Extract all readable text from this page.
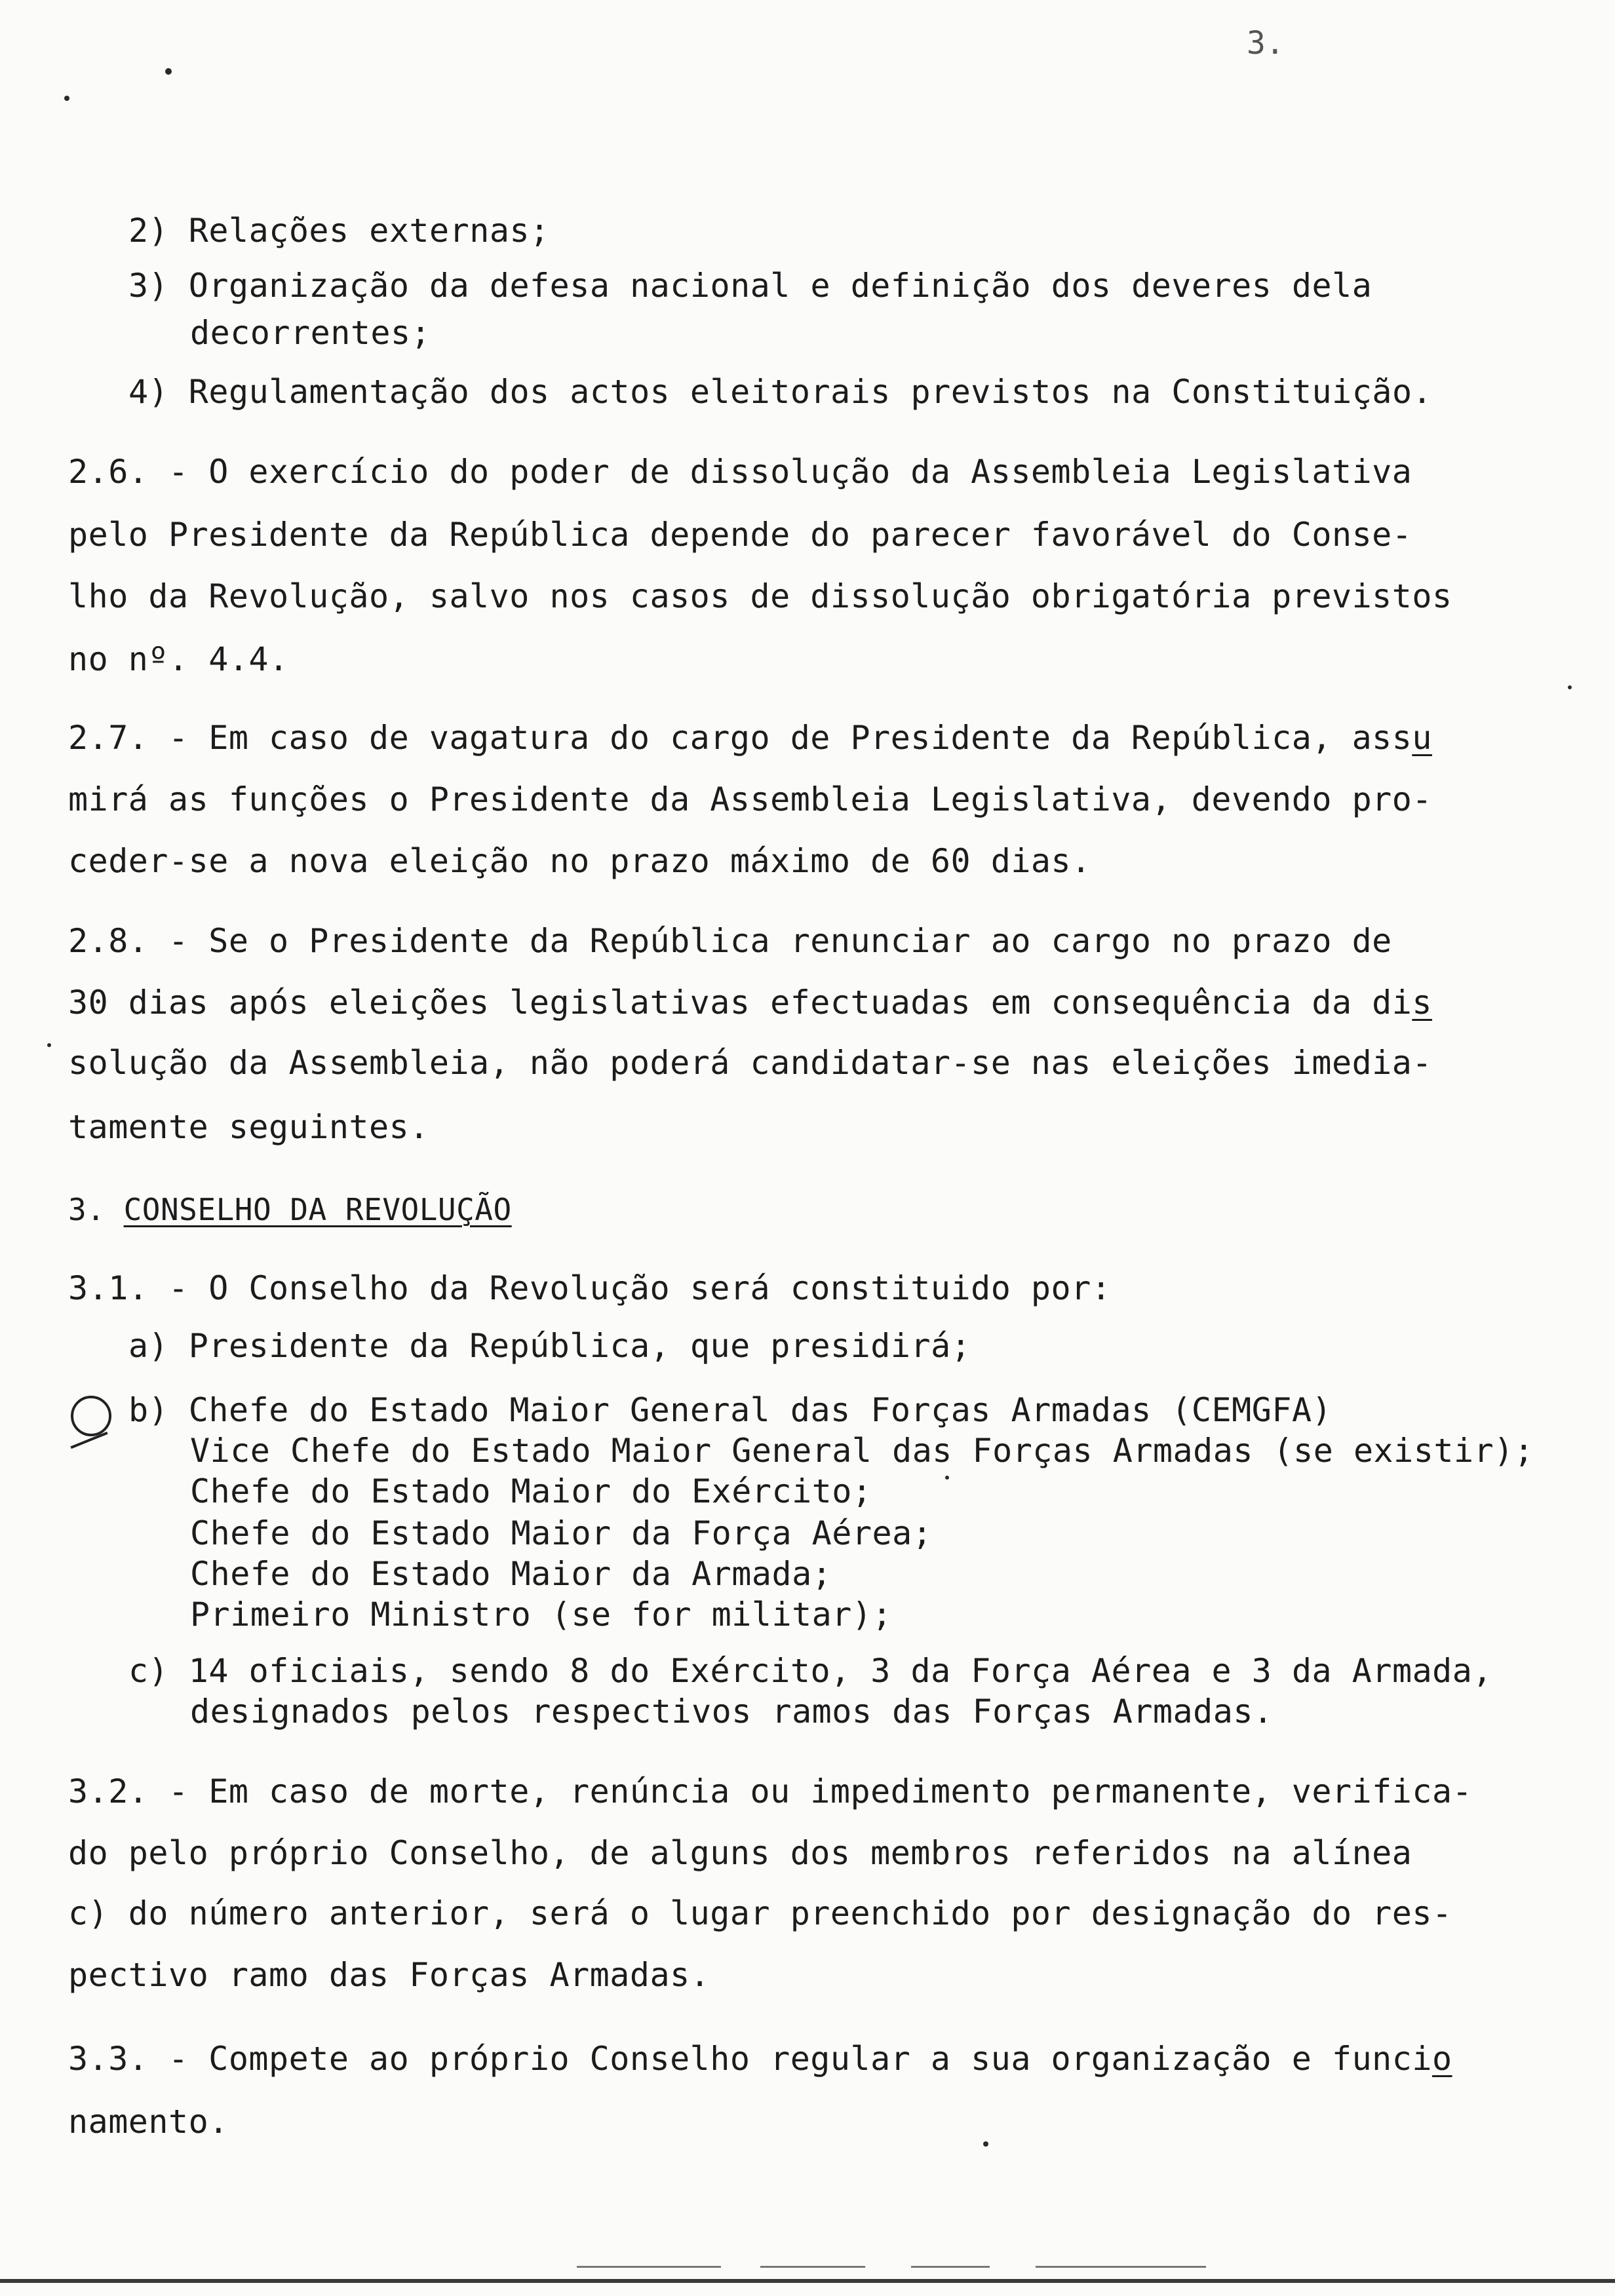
3.
2) Relações externas;
3) Organização da defesa nacional e definição dos deveres dela
decorrentes;
4) Regulamentação dos actos eleitorais previstos na Constituição.
2.6. - O exercício do poder de dissolução da Assembleia Legislativa
pelo Presidente da República depende do parecer favorável do Conse-
lho da Revolução, salvo nos casos de dissolução obrigatória previstos
no nº. 4.4.
2.7. - Em caso de vagatura do cargo de Presidente da República, assu
mirá as funções o Presidente da Assembleia Legislativa, devendo pro-
ceder-se a nova eleição no prazo máximo de 60 dias.
2.8. - Se o Presidente da República renunciar ao cargo no prazo de
30 dias após eleições legislativas efectuadas em consequência da dis
solução da Assembleia, não poderá candidatar-se nas eleições imedia-
tamente seguintes.
3. CONSELHO DA REVOLUÇÃO
3.1. - O Conselho da Revolução será constituido por:
a) Presidente da República, que presidirá;
b) Chefe do Estado Maior General das Forças Armadas (CEMGFA)
Vice Chefe do Estado Maior General das Forças Armadas (se existir);
Chefe do Estado Maior do Exército;
Chefe do Estado Maior da Força Aérea;
Chefe do Estado Maior da Armada;
Primeiro Ministro (se for militar);
c) 14 oficiais, sendo 8 do Exército, 3 da Força Aérea e 3 da Armada,
designados pelos respectivos ramos das Forças Armadas.
3.2. - Em caso de morte, renúncia ou impedimento permanente, verifica-
do pelo próprio Conselho, de alguns dos membros referidos na alínea
c) do número anterior, será o lugar preenchido por designação do res-
pectivo ramo das Forças Armadas.
3.3. - Compete ao próprio Conselho regular a sua organização e funcio
namento.
